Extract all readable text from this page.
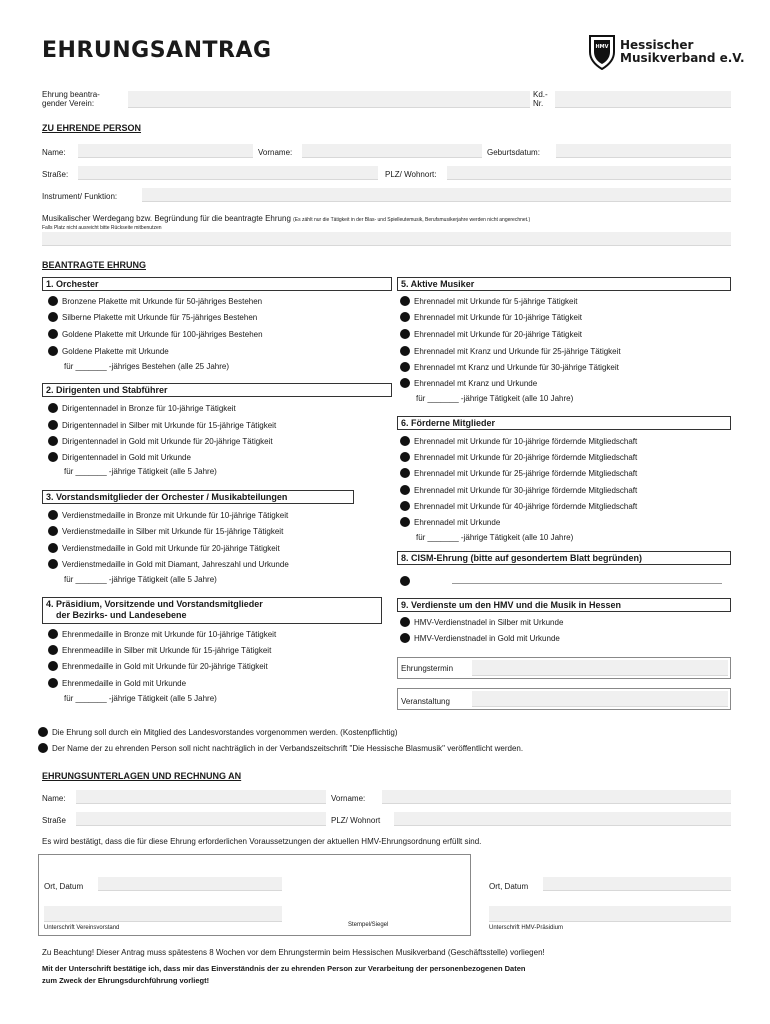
EHRUNGSANTRAG	HMV Hessischer
Musikverband e.V.
Ehrung beantra-
gender Verein:
Kd.-
Nr.
ZU EHRENDE PERSON
Name:	Vorname:	Geburtsdatum:
Straße:	PLZ/ Wohnort:
Instrument/ Funktion:
Musikalischer Werdegang bzw. Begründung für die beantragte Ehrung (Es zählt nur die Tätigkeit in der Blas- und Spielleutemusik, Berufsmusikerjahre werden nicht angerechnet.)
Falls Platz nicht ausreicht bitte Rückseite mitbenutzen
BEANTRAGTE EHRUNG
1. Orchester
Bronzene Plakette mit Urkunde für 50-jähriges Bestehen
Silberne Plakette mit Urkunde für 75-jähriges Bestehen
Goldene Plakette mit Urkunde für 100-jähriges Bestehen
Goldene Plakette mit Urkunde
für _______ -jähriges Bestehen (alle 25 Jahre)
2. Dirigenten und Stabführer
Dirigentennadel in Bronze für 10-jährige Tätigkeit
Dirigentennadel in Silber mit Urkunde für 15-jährige Tätigkeit
Dirigentennadel in Gold mit Urkunde für 20-jährige Tätigkeit
Dirigentennadel in Gold mit Urkunde
für _______ -jährige Tätigkeit (alle 5 Jahre)
3. Vorstandsmitglieder der Orchester / Musikabteilungen
Verdienstmedaille in Bronze mit Urkunde für 10-jährige Tätigkeit
Verdienstmedaille in Silber mit Urkunde für 15-jährige Tätigkeit
Verdienstmedaille in Gold mit Urkunde für 20-jährige Tätigkeit
Verdienstmedaille in Gold mit Diamant, Jahreszahl und Urkunde
für _______ -jährige Tätigkeit (alle 5 Jahre)
4. Präsidium, Vorsitzende und Vorstandsmitglieder
der Bezirks- und Landesebene
Ehrenmedaille in Bronze mit Urkunde für 10-jährige Tätigkeit
Ehrenmeadille in Silber mit Urkunde für 15-jährige Tätigkeit
Ehrenmedaille in Gold mit Urkunde für 20-jährige Tätigkeit
Ehrenmedaille in Gold mit Urkunde
für _______ -jährige Tätigkeit (alle 5 Jahre)
5. Aktive Musiker
Ehrennadel mit Urkunde für 5-jährige Tätigkeit
Ehrennadel mit Urkunde für 10-jährige Tätigkeit
Ehrennadel mit Urkunde für 20-jährige Tätigkeit
Ehrennadel mit Kranz und Urkunde für 25-jährige Tätigkeit
Ehrennadel mt Kranz und Urkunde für 30-jährige Tätigkeit
Ehrennadel mt Kranz und Urkunde
für _______ -jährige Tätigkeit (alle 10 Jahre)
6. Förderne Mitglieder
Ehrennadel mit Urkunde für 10-jährige fördernde Mitgliedschaft
Ehrennadel mit Urkunde für 20-jährige fördernde Mitgliedschaft
Ehrennadel mit Urkunde für 25-jährige fördernde Mitgliedschaft
Ehrennadel mit Urkunde für 30-jährige fördernde Mitgliedschaft
Ehrennadel mit Urkunde für 40-jährige fördernde Mitgliedschaft
Ehrennadel mit Urkunde
für _______ -jährige Tätigkeit (alle 10 Jahre)
8. CISM-Ehrung (bitte auf gesondertem Blatt begründen)
9. Verdienste um den HMV und die Musik in Hessen
HMV-Verdienstnadel in Silber mit Urkunde
HMV-Verdienstnadel in Gold mit Urkunde
Ehrungstermin
Veranstaltung
Die Ehrung soll durch ein Mitglied des Landesvorstandes vorgenommen werden. (Kostenpflichtig)
Der Name der zu ehrenden Person soll nicht nachträglich in der Verbandszeitschrift "Die Hessische Blasmusik" veröffentlicht werden.
EHRUNGSUNTERLAGEN UND RECHNUNG AN
Name:	Vorname:
Straße	PLZ/ Wohnort
Es wird bestätigt, dass die für diese Ehrung erforderlichen Voraussetzungen der aktuellen HMV-Ehrungsordnung erfüllt sind.
Ort, Datum
Unterschrift Vereinsvorstand	Stempel/Siegel
Ort, Datum
Unterschrift HMV-Präsidium
Zu Beachtung! Dieser Antrag muss spätestens 8 Wochen vor dem Ehrungstermin beim Hessischen Musikverband (Geschäftsstelle) vorliegen!
Mit der Unterschrift bestätige ich, dass mir das Einverständnis der zu ehrenden Person zur Verarbeitung der personenbezogenen Daten
zum Zweck der Ehrungsdurchführung vorliegt!
